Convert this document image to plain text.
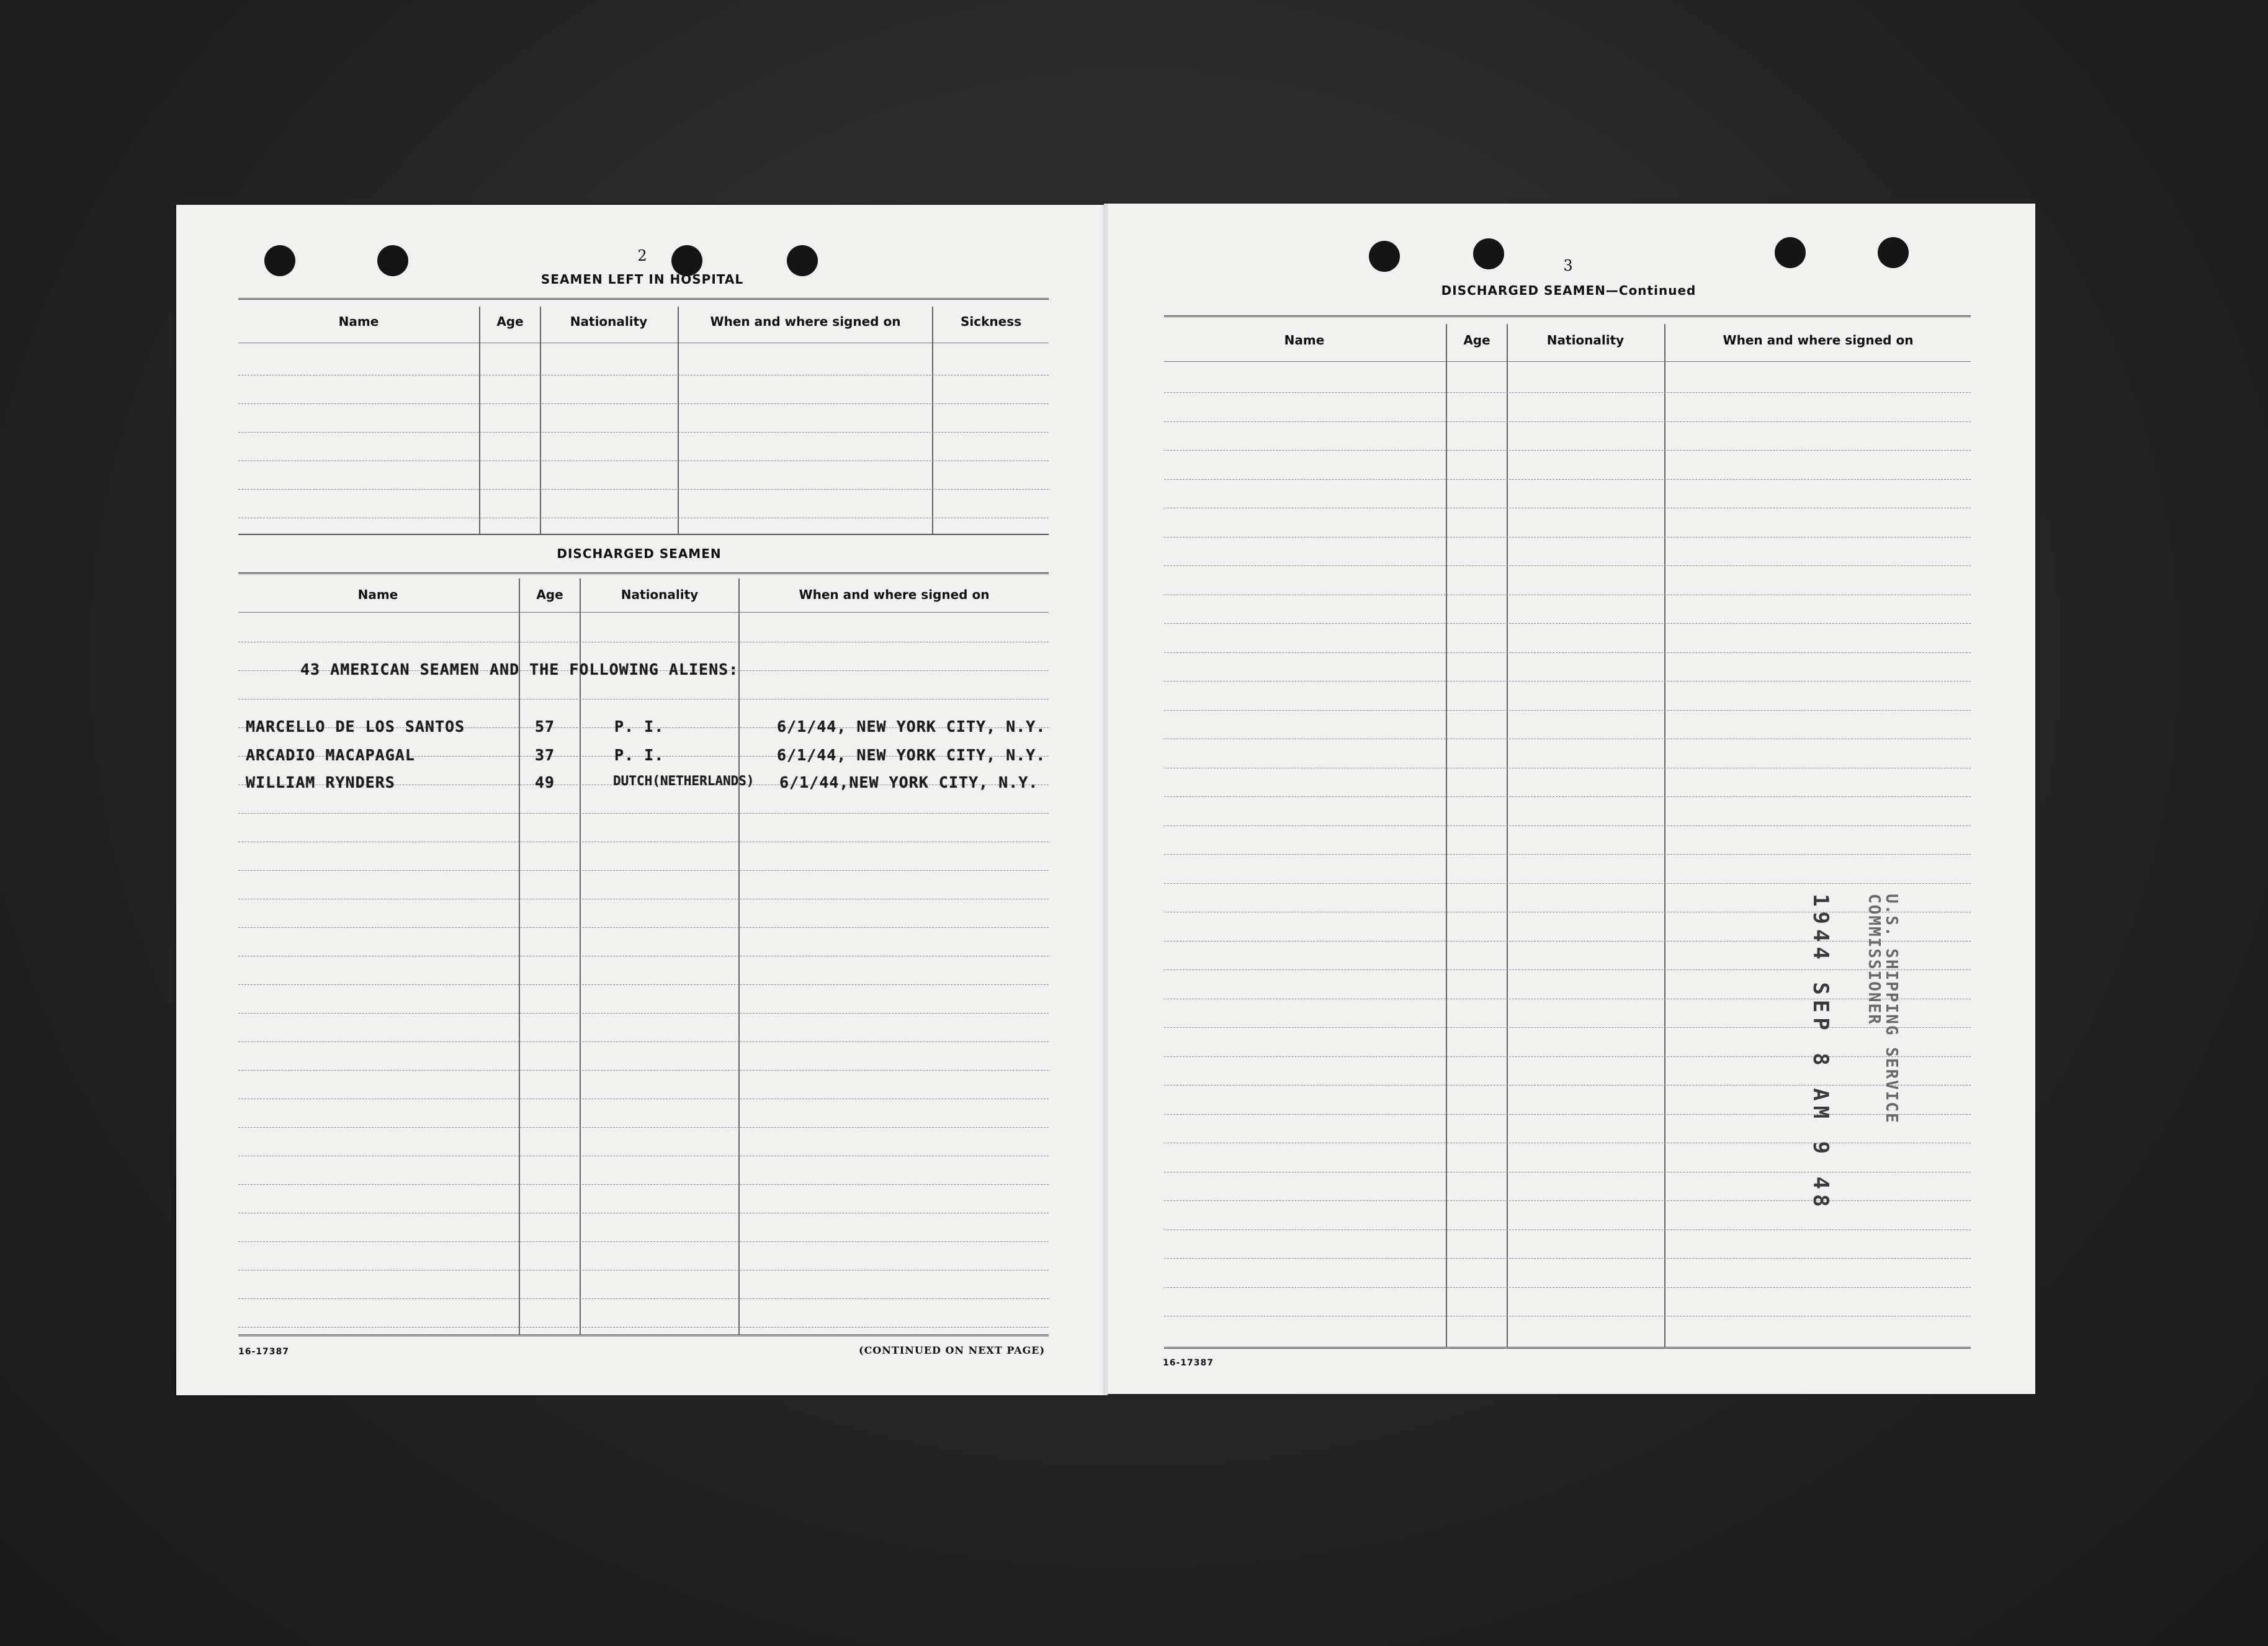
2
SEAMEN LEFT IN HOSPITAL
Name	Age	Nationality	When and where signed on	Sickness
DISCHARGED SEAMEN
Name	Age	Nationality	When and where signed on
43 AMERICAN SEAMEN AND THE FOLLOWING ALIENS:
MARCELLO DE LOS SANTOS	57	P. I.	6/1/44, NEW YORK CITY, N.Y.
ARCADIO MACAPAGAL	37	P. I.	6/1/44, NEW YORK CITY, N.Y.
WILLIAM RYNDERS	49	DUTCH(NETHERLANDS) 6/1/44,NEW YORK CITY, N.Y.
16-17387	(CONTINUED ON NEXT PAGE)
3
DISCHARGED SEAMEN—Continued
Name	Age	Nationality	When and where signed on
16-17387
U.S. SHIPPING SERVICE
COMMISSIONER
1944 SEP 8 AM 9 48
